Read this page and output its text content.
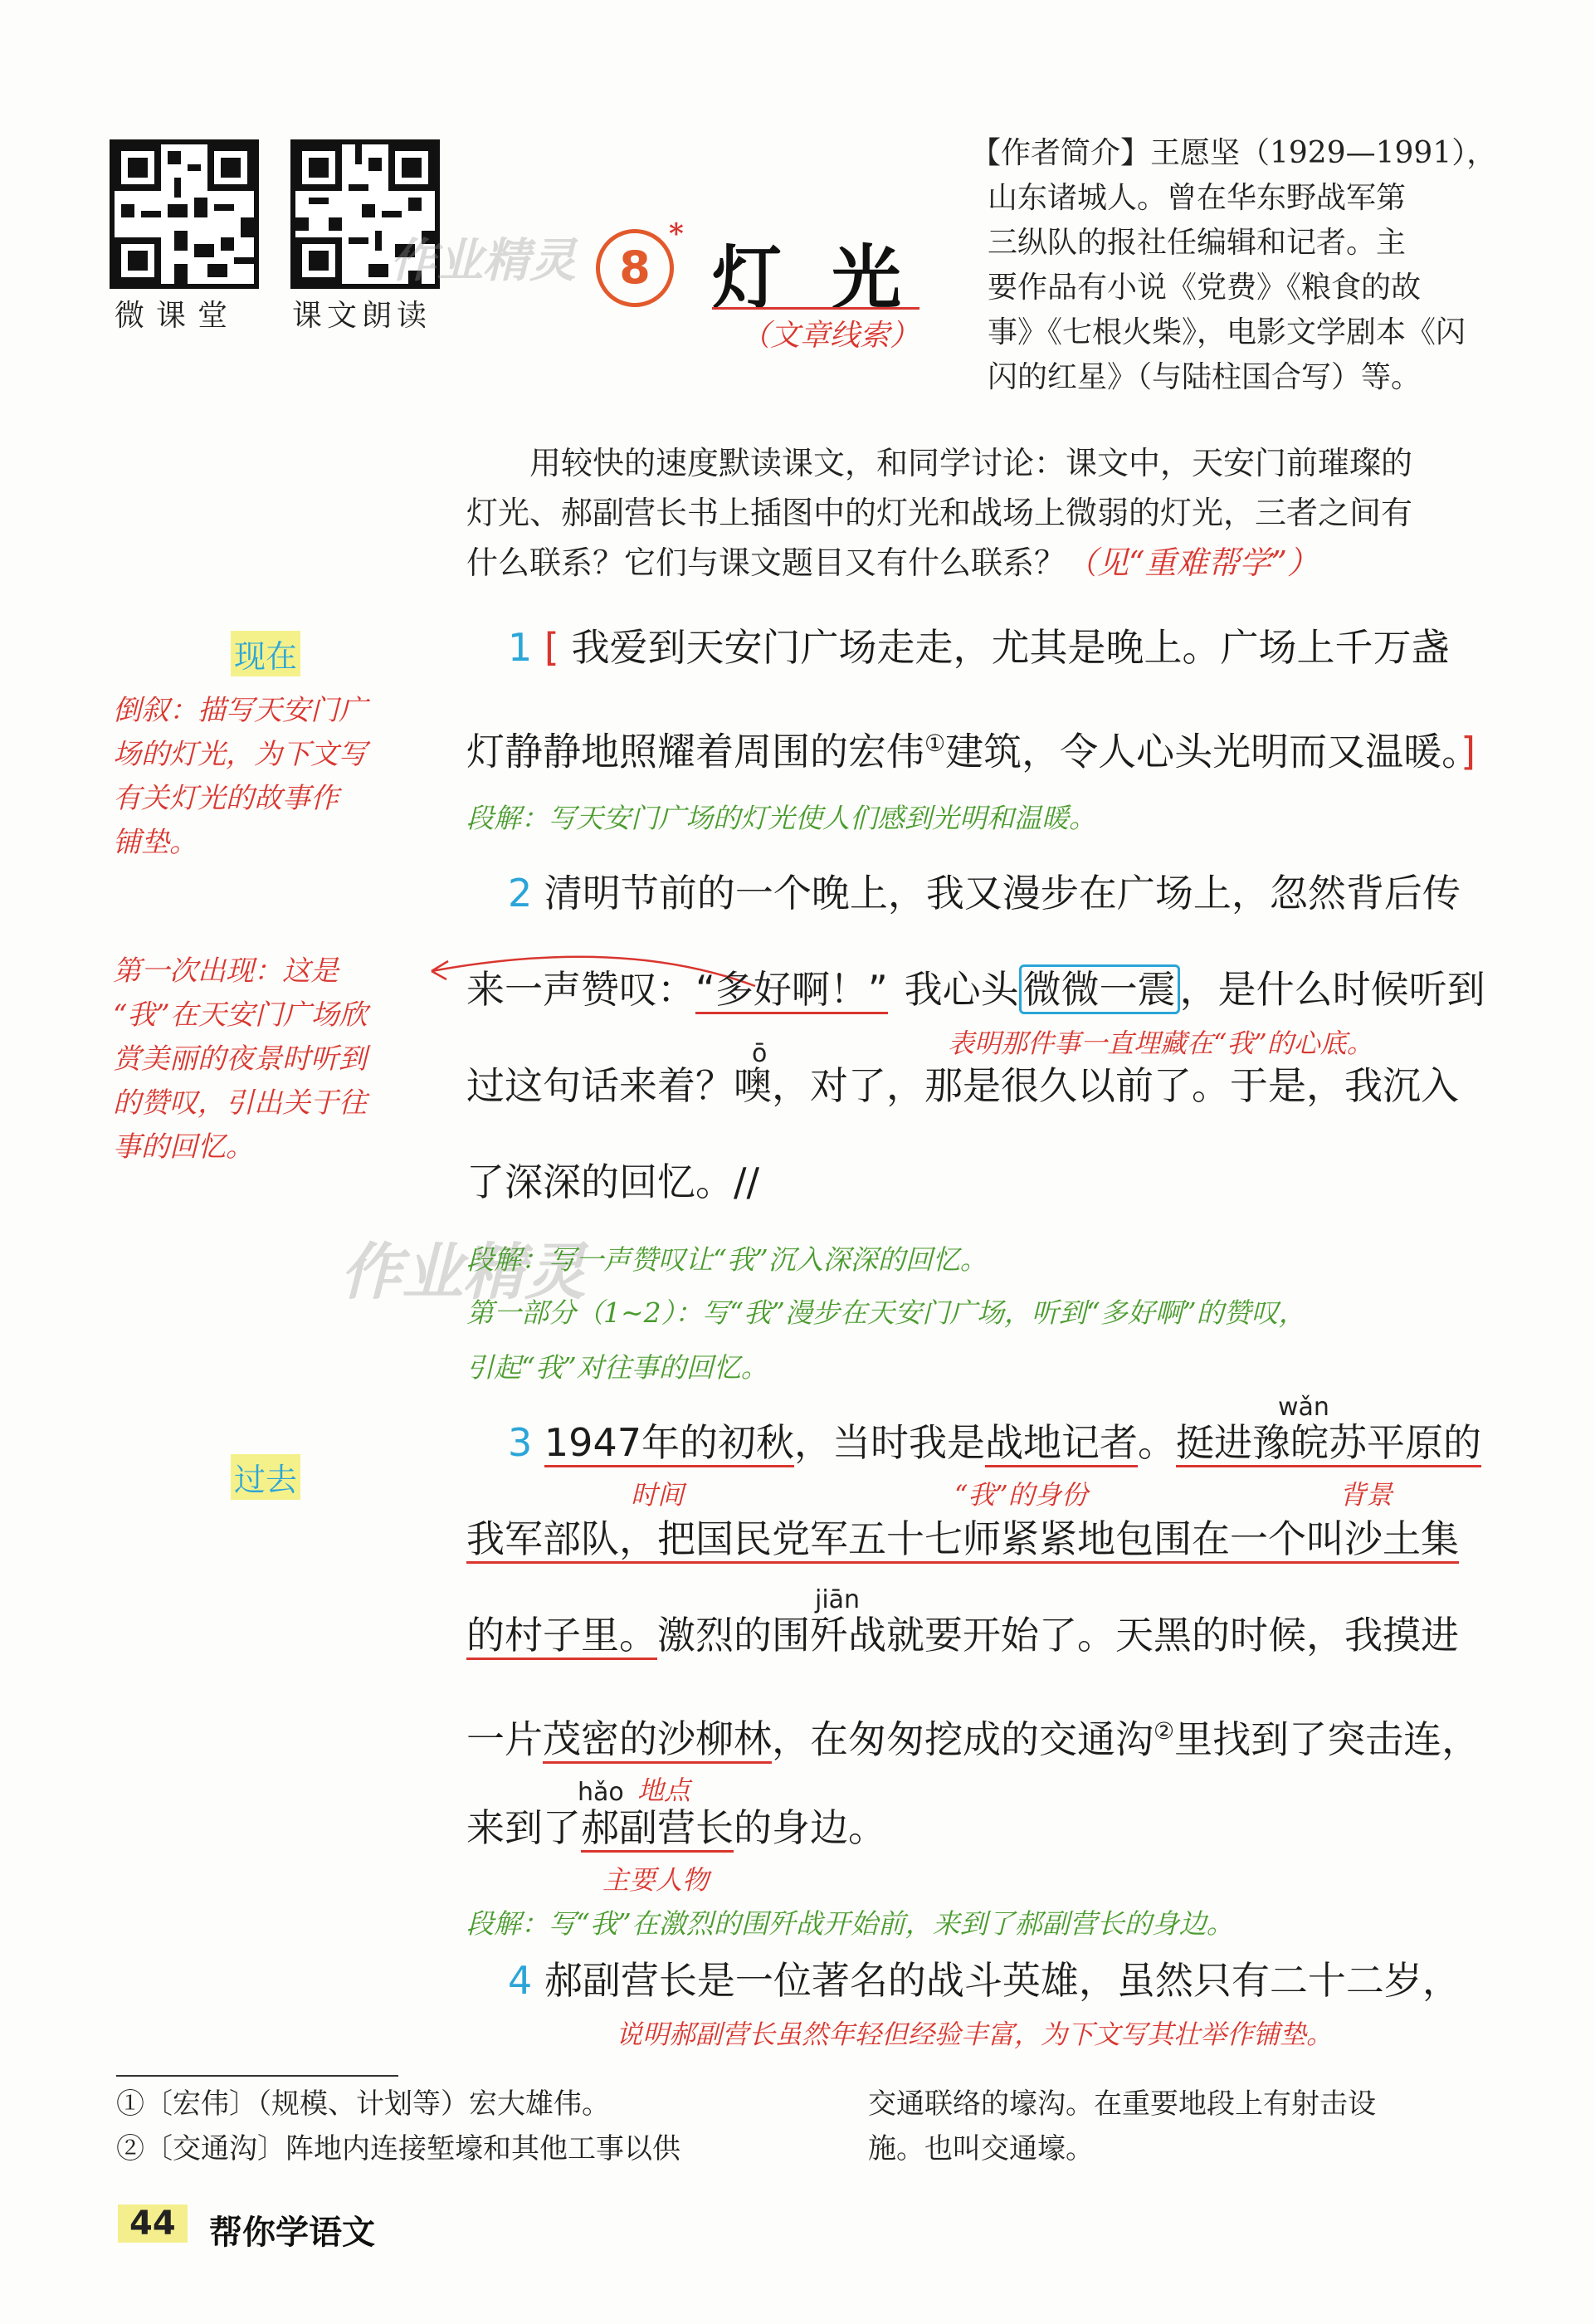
微课堂 课文朗读
作业精灵 8
*
灯光
（文章线索）
【作者简介】王愿坚（1929—1991），
山东诸城人。曾在华东野战军第
三纵队的报社任编辑和记者。主
要作品有小说《党费》《粮食的故
事》《七根火柴》，电影文学剧本《闪
闪的红星》（与陆柱国合写）等。
用较快的速度默读课文，和同学讨论：课文中，天安门前璀璨的
灯光、郝副营长书上插图中的灯光和战场上微弱的灯光，三者之间有
什么联系？它们与课文题目又有什么联系？（见“重难帮学”）
现在
倒叙：描写天安门广
场的灯光，为下文写
有关灯光的故事作
铺垫。
第一次出现：这是
“我”在天安门广场欣
赏美丽的夜景时听到
的赞叹，引出关于往
事的回忆。
过去
1 [ 我爱到天安门广场走走，尤其是晚上。广场上千万盏
灯静静地照耀着周围的宏伟①建筑，令人心头光明而又温暖。]
段解：写天安门广场的灯光使人们感到光明和温暖。
2 清明节前的一个晚上，我又漫步在广场上，忽然背后传
来一声赞叹：“多好啊！” 我心头 微微一震 ，是什么时候听到
表明那件事一直埋藏在“我”的心底。
ō
过这句话来着？噢，对了，那是很久以前了。于是，我沉入
了深深的回忆。//
作业精灵
段解：写一声赞叹让“我”沉入深深的回忆。
第一部分（1~2）：写“我”漫步在天安门广场，听到“多好啊”的赞叹，
引起“我”对往事的回忆。
wǎn
3 1947年的初秋，当时我是战地记者。挺进豫皖苏平原的
时间	“我”的身份	背景
我军部队，把国民党军五十七师紧紧地包围在一个叫沙土集
jiān
的村子里。激烈的围歼战就要开始了。天黑的时候，我摸进
一片茂密的沙柳林，在匆匆挖成的交通沟②里找到了突击连，
hǎo 地点
来到了郝副营长的身边。
主要人物
段解：写“我”在激烈的围歼战开始前，来到了郝副营长的身边。
4 郝副营长是一位著名的战斗英雄，虽然只有二十二岁，
说明郝副营长虽然年轻但经验丰富，为下文写其壮举作铺垫。
①〔宏伟〕（规模、计划等）宏大雄伟。
②〔交通沟〕阵地内连接堑壕和其他工事以供
交通联络的壕沟。在重要地段上有射击设
施。也叫交通壕。
44	帮你学语文
